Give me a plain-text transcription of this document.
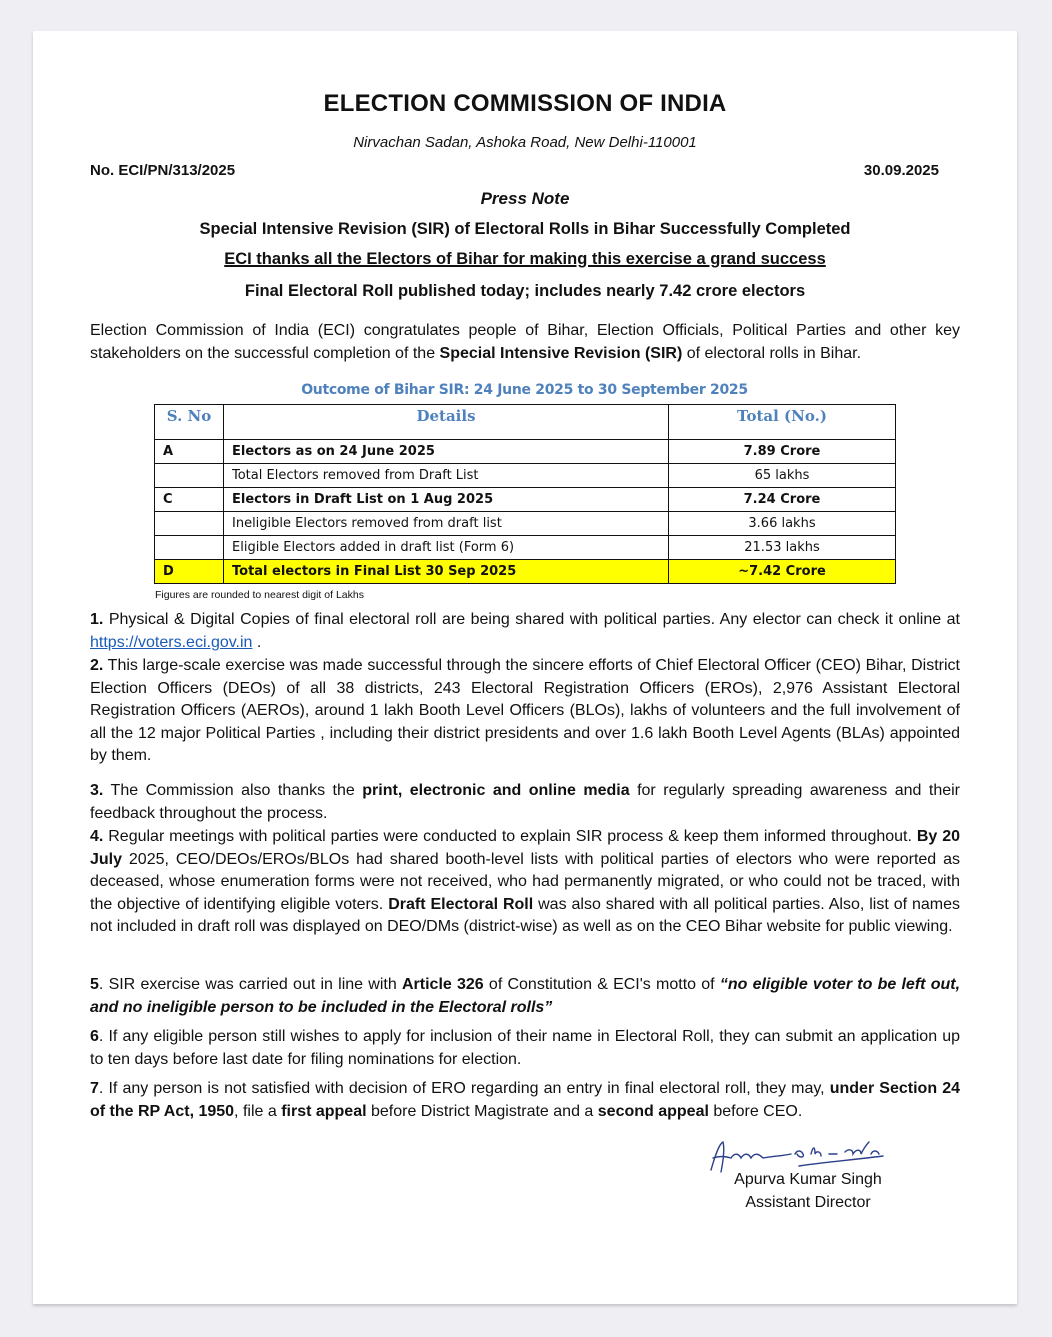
ELECTION COMMISSION OF INDIA
Nirvachan Sadan, Ashoka Road, New Delhi-110001
No. ECI/PN/313/2025	30.09.2025
Press Note
Special Intensive Revision (SIR) of Electoral Rolls in Bihar Successfully Completed
ECI thanks all the Electors of Bihar for making this exercise a grand success
Final Electoral Roll published today; includes nearly 7.42 crore electors
Election Commission of India (ECI) congratulates people of Bihar, Election Officials, Political Parties and other key stakeholders on the successful completion of the Special Intensive Revision (SIR) of electoral rolls in Bihar.
Outcome of Bihar SIR: 24 June 2025 to 30 September 2025
S. No	Details	Total (No.)
A	Electors as on 24 June 2025	7.89 Crore
	Total Electors removed from Draft List	65 lakhs
C	Electors in Draft List on 1 Aug 2025	7.24 Crore
	Ineligible Electors removed from draft list	3.66 lakhs
	Eligible Electors added in draft list (Form 6)	21.53 lakhs
D	Total electors in Final List 30 Sep 2025	~7.42 Crore
Figures are rounded to nearest digit of Lakhs
1. Physical & Digital Copies of final electoral roll are being shared with political parties. Any elector can check it online at https://voters.eci.gov.in .
2. This large-scale exercise was made successful through the sincere efforts of Chief Electoral Officer (CEO) Bihar, District Election Officers (DEOs) of all 38 districts, 243 Electoral Registration Officers (EROs), 2,976 Assistant Electoral Registration Officers (AEROs), around 1 lakh Booth Level Officers (BLOs), lakhs of volunteers and the full involvement of all the 12 major Political Parties , including their district presidents and over 1.6 lakh Booth Level Agents (BLAs) appointed by them.
3. The Commission also thanks the print, electronic and online media for regularly spreading awareness and their feedback throughout the process.
4. Regular meetings with political parties were conducted to explain SIR process & keep them informed throughout. By 20 July 2025, CEO/DEOs/EROs/BLOs had shared booth-level lists with political parties of electors who were reported as deceased, whose enumeration forms were not received, who had permanently migrated, or who could not be traced, with the objective of identifying eligible voters. Draft Electoral Roll was also shared with all political parties. Also, list of names not included in draft roll was displayed on DEO/DMs (district-wise) as well as on the CEO Bihar website for public viewing.
5. SIR exercise was carried out in line with Article 326 of Constitution & ECI's motto of “no eligible voter to be left out, and no ineligible person to be included in the Electoral rolls”
6. If any eligible person still wishes to apply for inclusion of their name in Electoral Roll, they can submit an application up to ten days before last date for filing nominations for election.
7. If any person is not satisfied with decision of ERO regarding an entry in final electoral roll, they may, under Section 24 of the RP Act, 1950, file a first appeal before District Magistrate and a second appeal before CEO.
Apurva Kumar Singh
Assistant Director
